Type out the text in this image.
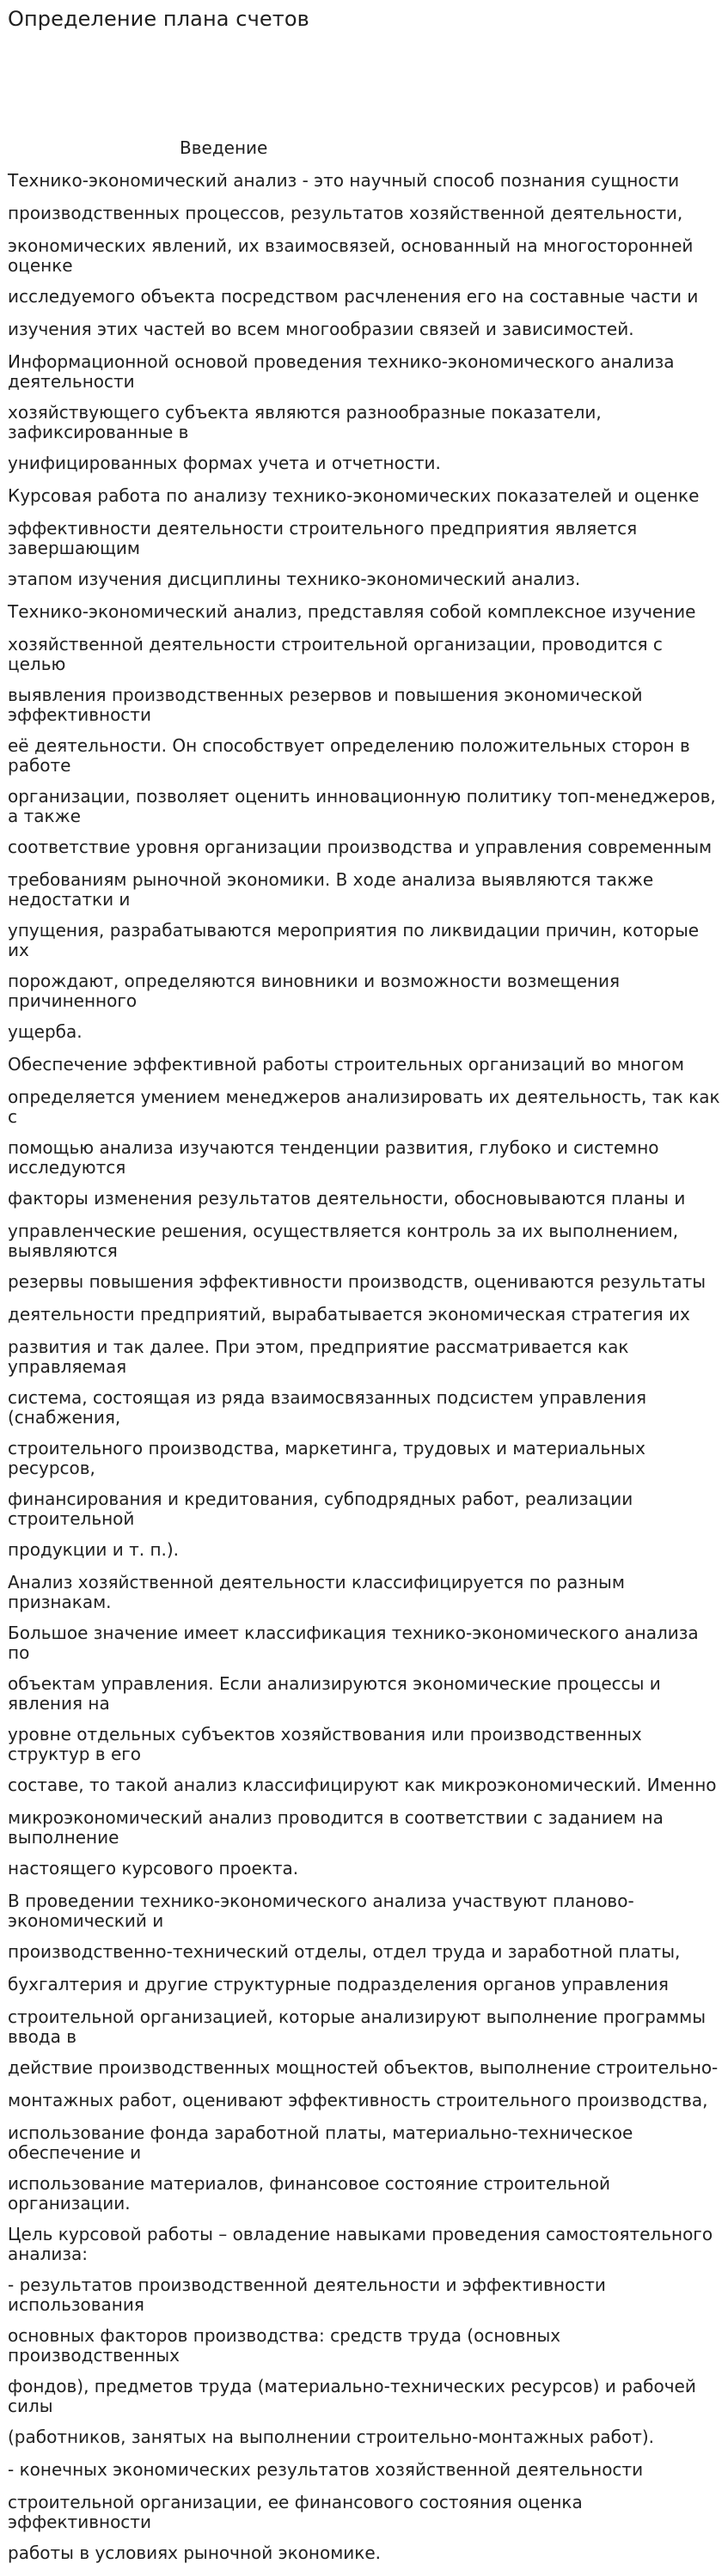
Определение плана счетов
Введение
Технико-экономический анализ - это научный способ познания сущности
производственных процессов, результатов хозяйственной деятельности,
экономических явлений, их взаимосвязей, основанный на многосторонней оценке
исследуемого объекта посредством расчленения его на составные части и
изучения этих частей во всем многообразии связей и зависимостей.
Информационной основой проведения технико-экономического анализа деятельности
хозяйствующего субъекта являются разнообразные показатели, зафиксированные в
унифицированных формах учета и отчетности.
Курсовая работа по анализу технико-экономических показателей и оценке
эффективности деятельности строительного предприятия является завершающим
этапом изучения дисциплины технико-экономический анализ.
Технико-экономический анализ, представляя собой комплексное изучение
хозяйственной деятельности строительной организации, проводится с целью
выявления производственных резервов и повышения экономической эффективности
её деятельности. Он способствует определению положительных сторон в работе
организации, позволяет оценить инновационную политику топ-менеджеров, а также
соответствие уровня организации производства и управления современным
требованиям рыночной экономики. В ходе анализа выявляются также недостатки и
упущения, разрабатываются мероприятия по ликвидации причин, которые их
порождают, определяются виновники и возможности возмещения причиненного
ущерба.
Обеспечение эффективной работы строительных организаций во многом
определяется умением менеджеров анализировать их деятельность, так как с
помощью анализа изучаются тенденции развития, глубоко и системно исследуются
факторы изменения результатов деятельности, обосновываются планы и
управленческие решения, осуществляется контроль за их выполнением, выявляются
резервы повышения эффективности производств, оцениваются результаты
деятельности предприятий, вырабатывается экономическая стратегия их
развития и так далее. При этом, предприятие рассматривается как управляемая
система, состоящая из ряда взаимосвязанных подсистем управления (снабжения,
строительного производства, маркетинга, трудовых и материальных ресурсов,
финансирования и кредитования, субподрядных работ, реализации строительной
продукции и т. п.).
Анализ хозяйственной деятельности классифицируется по разным признакам.
Большое значение имеет классификация технико-экономического анализа по
объектам управления. Если анализируются экономические процессы и явления на
уровне отдельных субъектов хозяйствования или производственных структур в его
составе, то такой анализ классифицируют как микроэкономический. Именно
микроэкономический анализ проводится в соответствии с заданием на выполнение
настоящего курсового проекта.
В проведении технико-экономического анализа участвуют планово-экономический и
производственно-технический отделы, отдел труда и заработной платы,
бухгалтерия и другие структурные подразделения органов управления
строительной организацией, которые анализируют выполнение программы ввода в
действие производственных мощностей объектов, выполнение строительно-
монтажных работ, оценивают эффективность строительного производства,
использование фонда заработной платы, материально-техническое обеспечение и
использование материалов, финансовое состояние строительной организации.
Цель курсовой работы – овладение навыками проведения самостоятельного анализа:
- результатов производственной деятельности и эффективности использования
основных факторов производства: средств труда (основных производственных
фондов), предметов труда (материально-технических ресурсов) и рабочей силы
(работников, занятых на выполнении строительно-монтажных работ).
- конечных экономических результатов хозяйственной деятельности
строительной организации, ее финансового состояния оценка эффективности
работы в условиях рыночной экономике.
